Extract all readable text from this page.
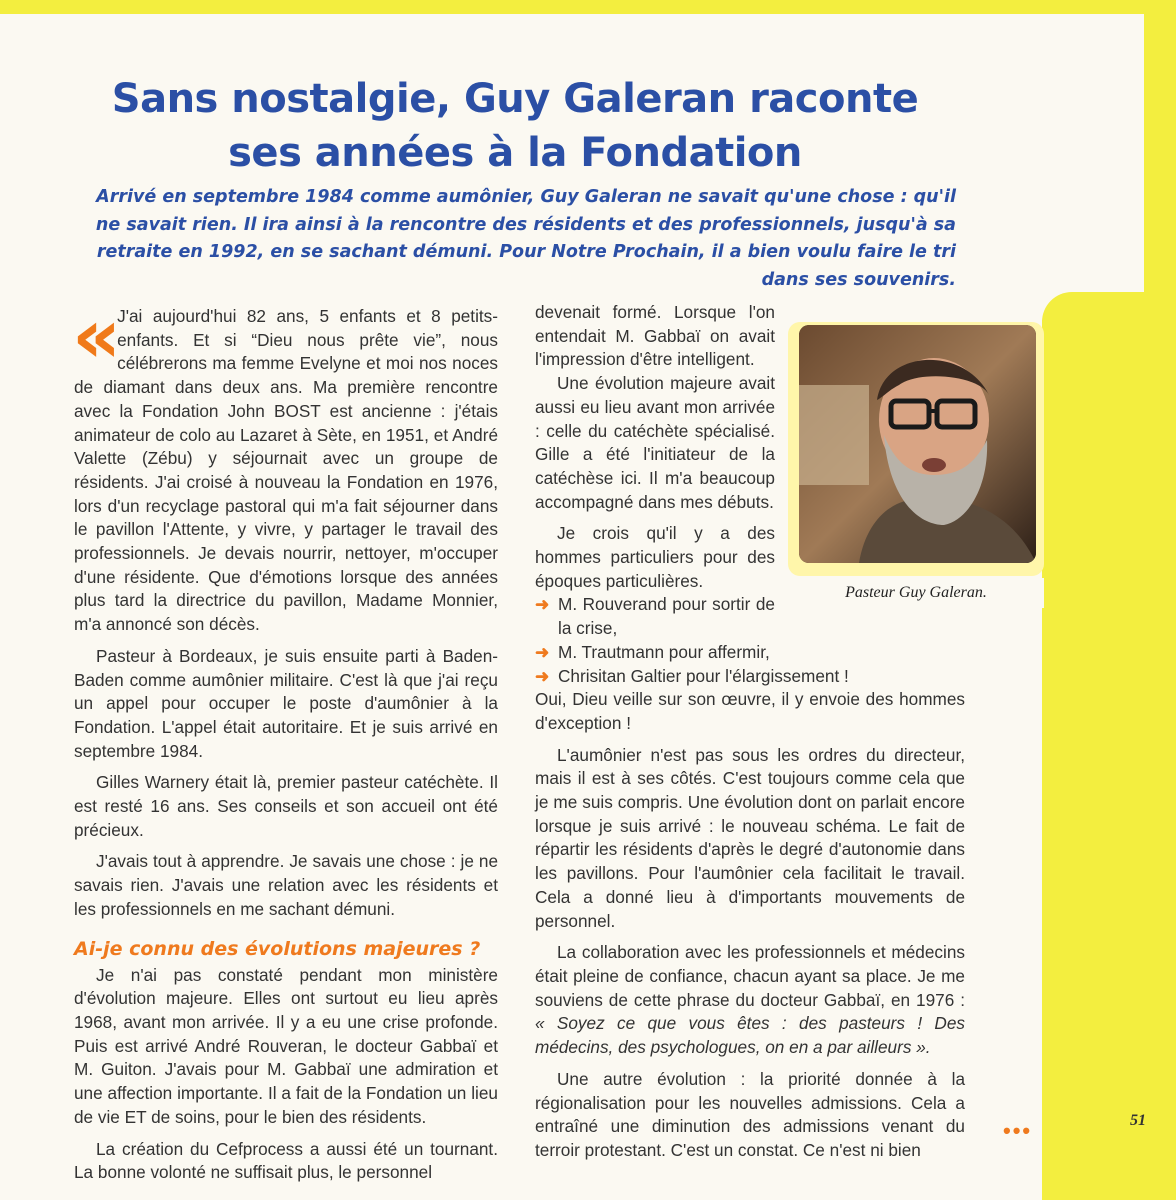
Sans nostalgie, Guy Galeran raconte
ses années à la Fondation

Arrivé en septembre 1984 comme aumônier, Guy Galeran ne savait qu'une chose : qu'il ne savait rien. Il ira ainsi à la rencontre des résidents et des professionnels, jusqu'à sa retraite en 1992, en se sachant démuni. Pour Notre Prochain, il a bien voulu faire le tri dans ses souvenirs.

« J'ai aujourd'hui 82 ans, 5 enfants et 8 petits-enfants. Et si “Dieu nous prête vie”, nous célébrerons ma femme Evelyne et moi nos noces de diamant dans deux ans. Ma première rencontre avec la Fondation John BOST est ancienne : j'étais animateur de colo au Lazaret à Sète, en 1951, et André Valette (Zébu) y séjournait avec un groupe de résidents. J'ai croisé à nouveau la Fondation en 1976, lors d'un recyclage pastoral qui m'a fait séjourner dans le pavillon l'Attente, y vivre, y partager le travail des professionnels. Je devais nourrir, nettoyer, m'occuper d'une résidente. Que d'émotions lorsque des années plus tard la directrice du pavillon, Madame Monnier, m'a annoncé son décès.

Pasteur à Bordeaux, je suis ensuite parti à Baden-Baden comme aumônier militaire. C'est là que j'ai reçu un appel pour occuper le poste d'aumônier à la Fondation. L'appel était autoritaire. Et je suis arrivé en septembre 1984.

Gilles Warnery était là, premier pasteur catéchète. Il est resté 16 ans. Ses conseils et son accueil ont été précieux.

J'avais tout à apprendre. Je savais une chose : je ne savais rien. J'avais une relation avec les résidents et les professionnels en me sachant démuni.

Ai-je connu des évolutions majeures ?

Je n'ai pas constaté pendant mon ministère d'évolution majeure. Elles ont surtout eu lieu après 1968, avant mon arrivée. Il y a eu une crise profonde. Puis est arrivé André Rouveran, le docteur Gabbaï et M. Guiton. J'avais pour M. Gabbaï une admiration et une affection importante. Il a fait de la Fondation un lieu de vie ET de soins, pour le bien des résidents.

La création du Cefprocess a aussi été un tournant. La bonne volonté ne suffisait plus, le personnel

devenait formé. Lorsque l'on entendait M. Gabbaï on avait l'impression d'être intelligent.

Une évolution majeure avait aussi eu lieu avant mon arrivée : celle du catéchète spécialisé. Gille a été l'initiateur de la catéchèse ici. Il m'a beaucoup accompagné dans mes débuts.

Je crois qu'il y a des hommes particuliers pour des époques particulières.

➜ M. Rouverand pour sortir de la crise,

➜ M. Trautmann pour affermir,

➜ Chrisitan Galtier pour l'élargissement !

Oui, Dieu veille sur son œuvre, il y envoie des hommes d'exception !

L'aumônier n'est pas sous les ordres du directeur, mais il est à ses côtés. C'est toujours comme cela que je me suis compris. Une évolution dont on parlait encore lorsque je suis arrivé : le nouveau schéma. Le fait de répartir les résidents d'après le degré d'autonomie dans les pavillons. Pour l'aumônier cela facilitait le travail. Cela a donné lieu à d'importants mouvements de personnel.

La collaboration avec les professionnels et médecins était pleine de confiance, chacun ayant sa place. Je me souviens de cette phrase du docteur Gabbaï, en 1976 : « Soyez ce que vous êtes : des pasteurs ! Des médecins, des psychologues, on en a par ailleurs ».

Une autre évolution : la priorité donnée à la régionalisation pour les nouvelles admissions. Cela a entraîné une diminution des admissions venant du terroir protestant. C'est un constat. Ce n'est ni bien

Pasteur Guy Galeran.
•••	51
